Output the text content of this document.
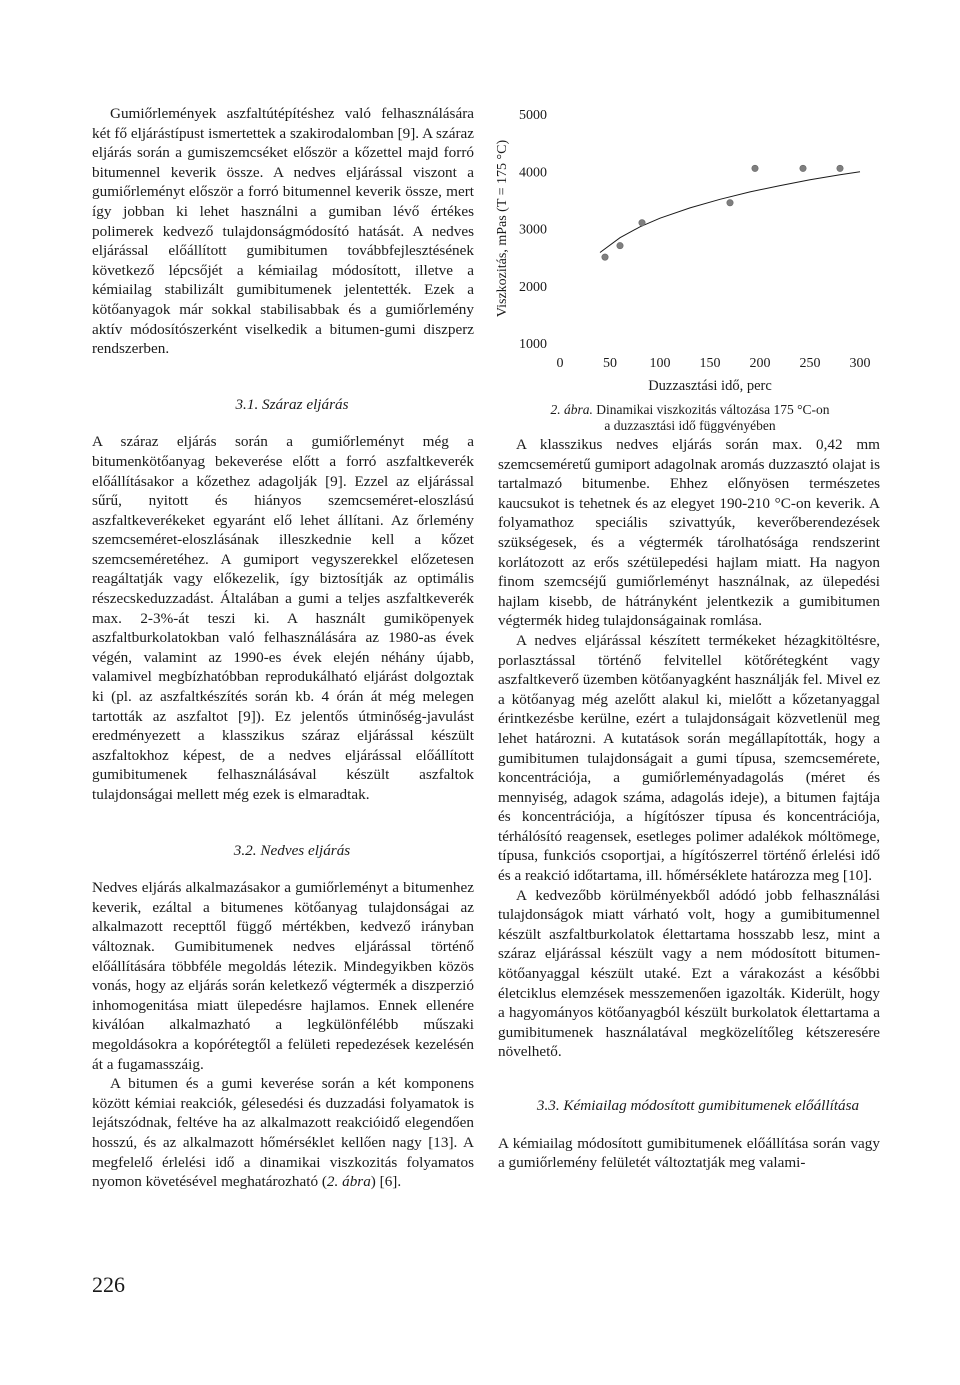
Gumiőrlemények aszfaltútépítéshez való felhasználására két fő eljárástípust ismertettek a szakirodalomban [9]. A száraz eljárás során a gumiszemcséket először a kőzettel majd forró bitumennel keverik össze. A nedves eljárással viszont a gumiőrleményt először a forró bitumennel keverik össze, mert így jobban ki lehet használni a gumiban lévő értékes polimerek kedvező tulajdonságmódosító hatását. A nedves eljárással előállított gumibitumen továbbfejlesztésének következő lépcsőjét a kémiailag módosított, illetve a kémiailag stabilizált gumibitumenek jelentették. Ezek a kötőanyagok már sokkal stabilisabbak és a gumiőrlemény aktív módosítószerként viselkedik a bitumen-gumi diszperz rendszerben.

3.1. Száraz eljárás

A száraz eljárás során a gumiőrleményt még a bitumenkötőanyag bekeverése előtt a forró aszfaltkeverék előállításakor a kőzethez adagolják [9]. Ezzel az eljárással sűrű, nyitott és hiányos szemcseméret-eloszlású aszfaltkeverékeket egyaránt elő lehet állítani. Az őrlemény szemcseméret-eloszlásának illeszkednie kell a kőzet szemcseméretéhez. A gumiport vegyszerekkel előzetesen reagáltatják vagy előkezelik, így biztosítják az optimális részecskeduzzadást. Általában a gumi a teljes aszfaltkeverék max. 2-3%-át teszi ki. A használt gumiköpenyek aszfaltburkolatokban való felhasználására az 1980-as évek végén, valamint az 1990-es évek elején néhány újabb, valamivel megbízhatóbban reprodukálható eljárást dolgoztak ki (pl. az aszfaltkészítés során kb. 4 órán át még melegen tartották az aszfaltot [9]). Ez jelentős útminőség-javulást eredményezett a klasszikus száraz eljárással készült aszfaltokhoz képest, de a nedves eljárással előállított gumibitumenek felhasználásával készült aszfaltok tulajdonságai mellett még ezek is elmaradtak.

3.2. Nedves eljárás

Nedves eljárás alkalmazásakor a gumiőrleményt a bitumenhez keverik, ezáltal a bitumenes kötőanyag tulajdonságai az alkalmazott recepttől függő mértékben, kedvező irányban változnak. Gumibitumenek nedves eljárással történő előállítására többféle megoldás létezik. Mindegyikben közös vonás, hogy az eljárás során keletkező végtermék a diszperzió inhomogenitása miatt ülepedésre hajlamos. Ennek ellenére kiválóan alkalmazható a legkülönfélébb műszaki megoldásokra a kopórétegtől a felületi repedezések kezelésén át a fugamasszáig.

A bitumen és a gumi keverése során a két komponens között kémiai reakciók, gélesedési és duzzadási folyamatok is lejátszódnak, feltéve ha az alkalmazott reakcióidő elegendően hosszú, és az alkalmazott hőmérséklet kellően nagy [13]. A megfelelő érlelési idő a dinamikai viszkozitás folyamatos nyomon követésével meghatározható (2. ábra) [6].

1000
2000
3000
4000
5000
0	50 100 150 200 250 300
Viszkozitás, mPas (T = 175 °C)
Duzzasztási idő, perc
2. ábra. Dinamikai viszkozitás változása 175 °C-on
a duzzasztási idő függvényében

A klasszikus nedves eljárás során max. 0,42 mm szemcseméretű gumiport adagolnak aromás duzzasztó olajat is tartalmazó bitumenbe. Ehhez előnyösen természetes kaucsukot is tehetnek és az elegyet 190-210 °C-on keverik. A folyamathoz speciális szivattyúk, keverőberendezések szükségesek, és a végtermék tárolhatósága rendszerint korlátozott az erős szétülepedési hajlam miatt. Ha nagyon finom szemcséjű gumiőrleményt használnak, az ülepedési hajlam kisebb, de hátrányként jelentkezik a gumibitumen végtermék hideg tulajdonságainak romlása.

A nedves eljárással készített termékeket hézagkitöltésre, porlasztással történő felvitellel kötőrétegként vagy aszfaltkeverő üzemben kötőanyagként használják fel. Mivel ez a kötőanyag még azelőtt alakul ki, mielőtt a kőzetanyaggal érintkezésbe kerülne, ezért a tulajdonságait közvetlenül meg lehet határozni. A kutatások során megállapították, hogy a gumibitumen tulajdonságait a gumi típusa, szemcsemérete, koncentrációja, a gumiőrleményadagolás (méret és mennyiség, adagok száma, adagolás ideje), a bitumen fajtája és koncentrációja, a hígítószer típusa és koncentrációja, térhálósító reagensek, esetleges polimer adalékok móltömege, típusa, funkciós csoportjai, a hígítószerrel történő érlelési idő és a reakció időtartama, ill. hőmérséklete határozza meg [10].

A kedvezőbb körülményekből adódó jobb felhasználási tulajdonságok miatt várható volt, hogy a gumibitumennel készült aszfaltburkolatok élettartama hosszabb lesz, mint a száraz eljárással készült vagy a nem módosított bitumen-kötőanyaggal készült utaké. Ezt a várakozást a későbbi életciklus elemzések messzemenően igazolták. Kiderült, hogy a hagyományos kötőanyagból készült burkolatok élettartama a gumibitumenek használatával megközelítőleg kétszeresére növelhető.

3.3. Kémiailag módosított gumibitumenek előállítása

A kémiailag módosított gumibitumenek előállítása során vagy a gumiőrlemény felületét változtatják meg valami-

226
